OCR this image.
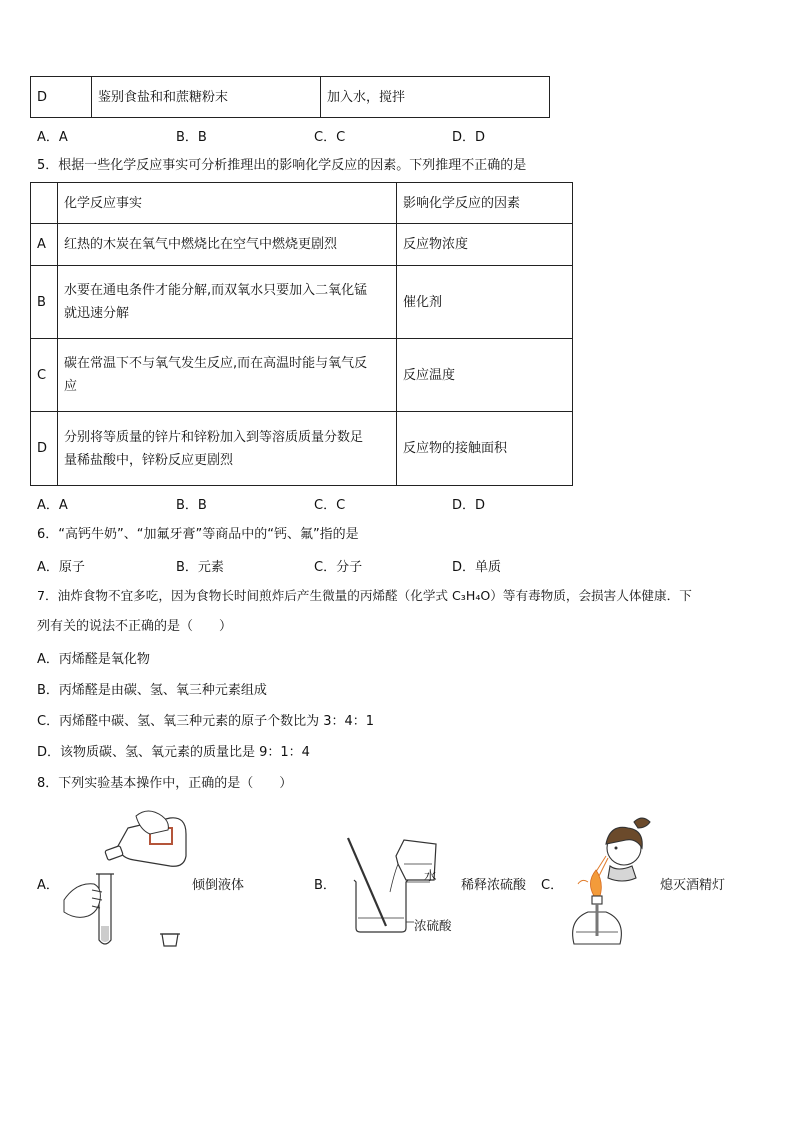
D	鉴别食盐和和蔗糖粉末	加入水，搅拌
A．A	B．B	C．C	D．D
5．根据一些化学反应事实可分析推理出的影响化学反应的因素。下列推理不正确的是
	化学反应事实	影响化学反应的因素
A	红热的木炭在氧气中燃烧比在空气中燃烧更剧烈	反应物浓度
B	水要在通电条件才能分解,而双氧水只要加入二氧化锰
就迅速分解	催化剂
C	碳在常温下不与氧气发生反应,而在高温时能与氧气反
应	反应温度
D	分别将等质量的锌片和锌粉加入到等溶质质量分数足
量稀盐酸中，锌粉反应更剧烈	反应物的接触面积
A．A	B．B	C．C	D．D
6．“高钙牛奶”、“加氟牙膏”等商品中的“钙、氟”指的是
A．原子	B．元素	C．分子	D．单质
7．油炸食物不宜多吃，因为食物长时间煎炸后产生微量的丙烯醛（化学式 C₃H₄O）等有毒物质，会损害人体健康．下
列有关的说法不正确的是（　　）
A．丙烯醛是氧化物
B．丙烯醛是由碳、氢、氧三种元素组成
C．丙烯醛中碳、氢、氧三种元素的原子个数比为 3：4：1
D．该物质碳、氢、氧元素的质量比是 9：1：4
8．下列实验基本操作中，正确的是（　　）
A．	倾倒液体	B．
水
浓硫酸
稀释浓硫酸 C．	熄灭酒精灯
